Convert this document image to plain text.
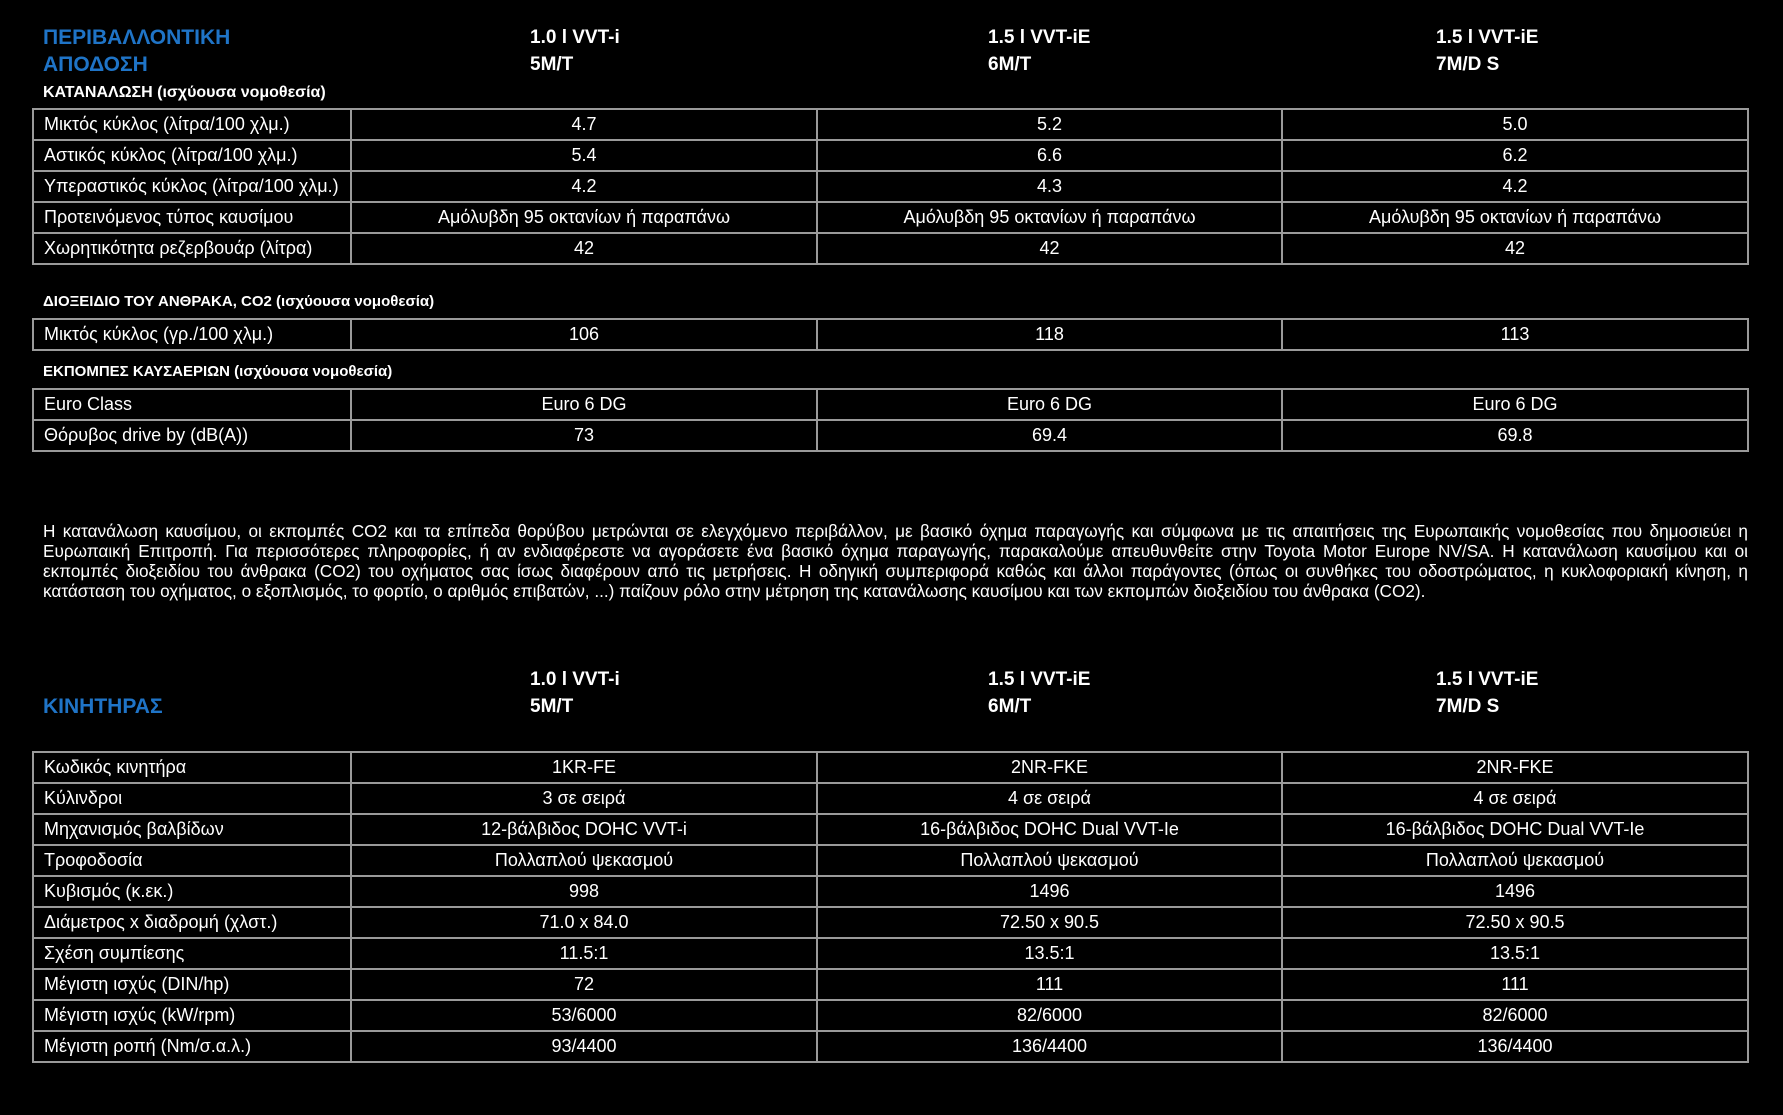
ΠΕΡΙΒΑΛΛΟΝΤΙΚΗ
ΑΠΟΔΟΣΗ
1.0 l VVT-i
5M/T
1.5 l VVT-iE
6M/T
1.5 l VVT-iE
7M/D S
ΚΑΤΑΝΑΛΩΣΗ (ισχύουσα νομοθεσία)
Μικτός κύκλος (λίτρα/100 χλμ.)	4.7	5.2	5.0
Αστικός κύκλος (λίτρα/100 χλμ.)	5.4	6.6	6.2
Υπεραστικός κύκλος (λίτρα/100 χλμ.)	4.2	4.3	4.2
Προτεινόμενος τύπος καυσίμου	Αμόλυβδη 95 οκτανίων ή παραπάνω	Αμόλυβδη 95 οκτανίων ή παραπάνω	Αμόλυβδη 95 οκτανίων ή παραπάνω
Χωρητικότητα ρεζερβουάρ (λίτρα)	42	42	42
ΔΙΟΞΕΙΔΙΟ ΤΟΥ ΑΝΘΡΑΚΑ, CO2 (ισχύουσα νομοθεσία)
Μικτός κύκλος (γρ./100 χλμ.)	106	118	113
ΕΚΠΟΜΠΕΣ ΚΑΥΣΑΕΡΙΩΝ (ισχύουσα νομοθεσία)
Euro Class	Euro 6 DG	Euro 6 DG	Euro 6 DG
Θόρυβος drive by (dB(A))	73	69.4	69.8
Η κατανάλωση καυσίμου, οι εκπομπές CO2 και τα επίπεδα θορύβου μετρώνται σε ελεγχόμενο περιβάλλον, με βασικό όχημα παραγωγής και σύμφωνα με τις απαιτήσεις της Ευρωπαικής νομοθεσίας που δημοσιεύει η Ευρωπαική Επιτροπή. Για περισσότερες πληροφορίες, ή αν ενδιαφέρεστε να αγοράσετε ένα βασικό όχημα παραγωγής, παρακαλούμε απευθυνθείτε στην Toyota Motor Europe NV/SA. Η κατανάλωση καυσίμου και οι εκπομπές διοξειδίου του άνθρακα (CO2) του οχήματος σας ίσως διαφέρουν από τις μετρήσεις. Η οδηγική συμπεριφορά καθώς και άλλοι παράγοντες (όπως οι συνθήκες του οδοστρώματος, η κυκλοφοριακή κίνηση, η κατάσταση του οχήματος, ο εξοπλισμός, το φορτίο, ο αριθμός επιβατών, ...) παίζουν ρόλο στην μέτρηση της κατανάλωσης καυσίμου και των εκπομπών διοξειδίου του άνθρακα (CO2).
ΚΙΝΗΤΗΡΑΣ
1.0 l VVT-i
5M/T
1.5 l VVT-iE
6M/T
1.5 l VVT-iE
7M/D S
Κωδικός κινητήρα	1KR-FE	2NR-FKE	2NR-FKE
Κύλινδροι	3 σε σειρά	4 σε σειρά	4 σε σειρά
Μηχανισμός βαλβίδων	12-βάλβιδος DOHC VVT-i	16-βάλβιδος DOHC Dual VVT-Ie	16-βάλβιδος DOHC Dual VVT-Ie
Τροφοδοσία	Πολλαπλού ψεκασμού	Πολλαπλού ψεκασμού	Πολλαπλού ψεκασμού
Κυβισμός (κ.εκ.)	998	1496	1496
Διάμετρος x διαδρομή (χλστ.)	71.0 x 84.0	72.50 x 90.5	72.50 x 90.5
Σχέση συμπίεσης	11.5:1	13.5:1	13.5:1
Μέγιστη ισχύς (DIN/hp)	72	111	111
Μέγιστη ισχύς (kW/rpm)	53/6000	82/6000	82/6000
Μέγιστη ροπή (Nm/σ.α.λ.)	93/4400	136/4400	136/4400
